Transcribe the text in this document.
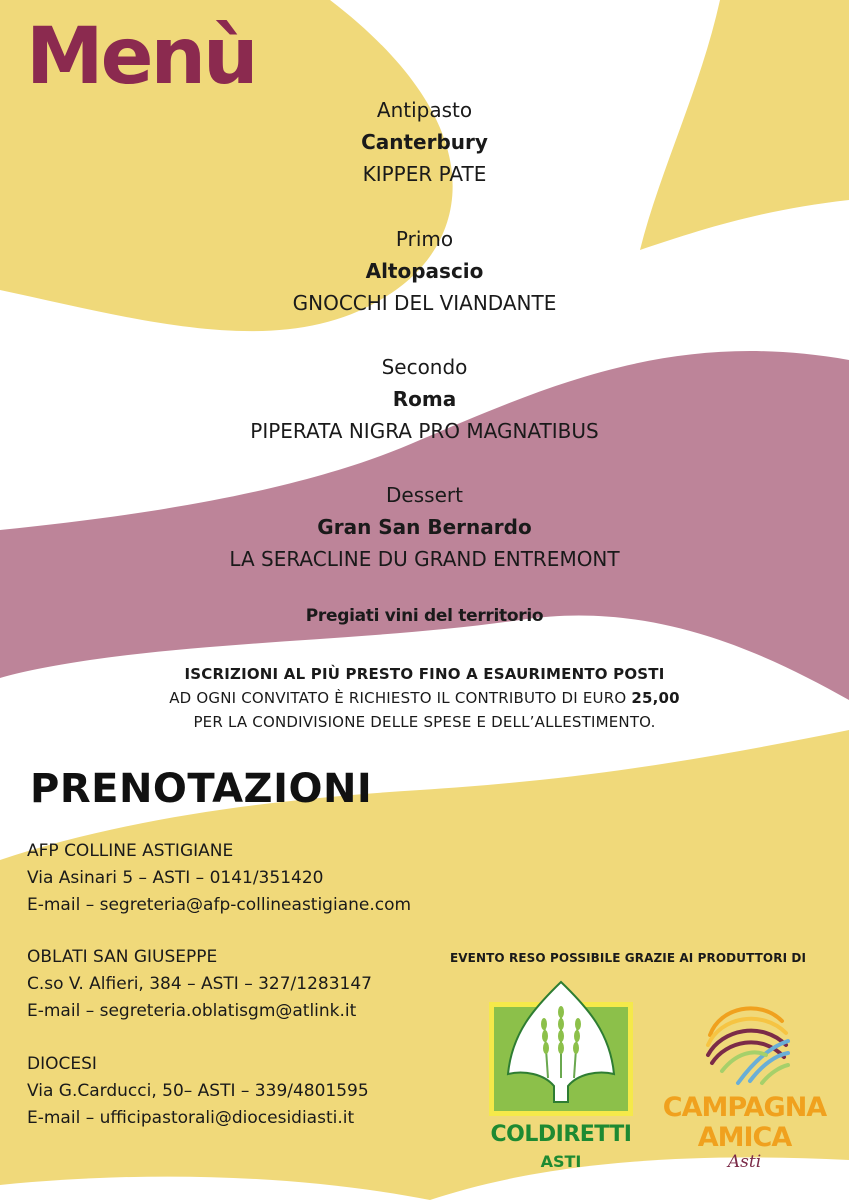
Menù
Antipasto
Canterbury
KIPPER PATE
Primo
Altopascio
GNOCCHI DEL VIANDANTE
Secondo
Roma
PIPERATA NIGRA PRO MAGNATIBUS
Dessert
Gran San Bernardo
LA SERACLINE DU GRAND ENTREMONT
Pregiati vini del territorio
ISCRIZIONI AL PIÙ PRESTO FINO A ESAURIMENTO POSTI
AD OGNI CONVITATO È RICHIESTO IL CONTRIBUTO DI EURO 25,00
PER LA CONDIVISIONE DELLE SPESE E DELL’ALLESTIMENTO.
PRENOTAZIONI
AFP COLLINE ASTIGIANE
Via Asinari 5 – ASTI – 0141/351420
E-mail – segreteria@afp-collineastigiane.com
OBLATI SAN GIUSEPPE
C.so V. Alfieri, 384 – ASTI – 327/1283147
E-mail – segreteria.oblatisgm@atlink.it
DIOCESI
Via G.Carducci, 50– ASTI – 339/4801595
E-mail – ufficipastorali@diocesidiasti.it
EVENTO RESO POSSIBILE GRAZIE AI PRODUTTORI DI
COLDIRETTI
ASTI
CAMPAGNA
AMICA
Asti
